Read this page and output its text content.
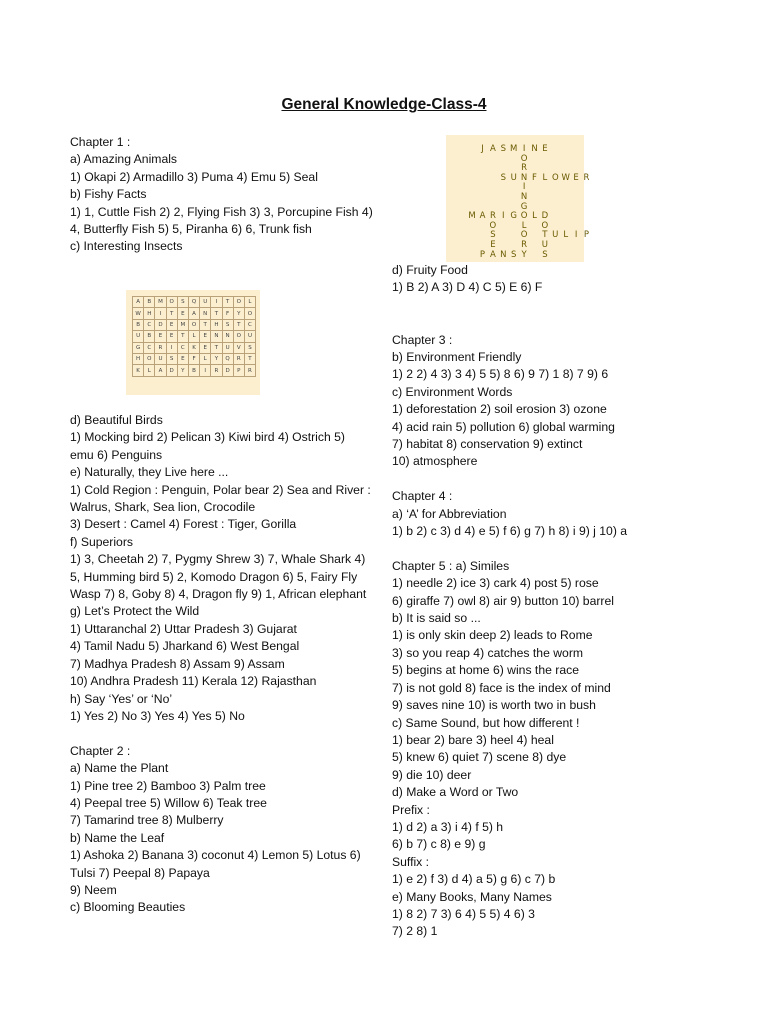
General Knowledge-Class-4
Chapter 1 :
a) Amazing Animals
1) Okapi 2) Armadillo 3) Puma 4) Emu 5) Seal
b) Fishy Facts
1) 1, Cuttle Fish 2) 2, Flying Fish 3) 3, Porcupine Fish 4)
4, Butterfly Fish 5) 5, Piranha 6) 6, Trunk fish
c) Interesting Insects
A	B	M	O	S	Q	U	I	T	O	L
W	H	I	T	E	A	N	T	F	Y	O
B	C	D	E	M	O	T	H	S	T	C
U	B	E	E	T	L	E	N	N	O	U
G	C	R	I	C	K	E	T	U	V	S
H	O	U	S	E	F	L	Y	Q	R	T
K	L	A	D	Y	B	I	R	D	P	R
d) Beautiful Birds
1) Mocking bird 2) Pelican 3) Kiwi bird 4) Ostrich 5)
emu 6) Penguins
e) Naturally, they Live here ...
1) Cold Region : Penguin, Polar bear 2) Sea and River :
Walrus, Shark, Sea lion, Crocodile
3) Desert : Camel 4) Forest : Tiger, Gorilla
f) Superiors
1) 3, Cheetah 2) 7, Pygmy Shrew 3) 7, Whale Shark 4)
5, Humming bird 5) 2, Komodo Dragon 6) 5, Fairy Fly
Wasp 7) 8, Goby 8) 4, Dragon fly 9) 1, African elephant
g) Let’s Protect the Wild
1) Uttaranchal 2) Uttar Pradesh 3) Gujarat
4) Tamil Nadu 5) Jharkand 6) West Bengal
7) Madhya Pradesh 8) Assam 9) Assam
10) Andhra Pradesh 11) Kerala 12) Rajasthan
h) Say ‘Yes’ or ‘No’
1) Yes 2) No 3) Yes 4) Yes 5) No
Chapter 2 :
a) Name the Plant
1) Pine tree 2) Bamboo 3) Palm tree
4) Peepal tree 5) Willow 6) Teak tree
7) Tamarind tree 8) Mulberry
b) Name the Leaf
1) Ashoka 2) Banana 3) coconut 4) Lemon 5) Lotus 6)
Tulsi 7) Peepal 8) Papaya
9) Neem
c) Blooming Beauties
J A S M I N E
O
R
S U N F L O W E R
I
N
G
M A R I G O L D
O	L O
S	O T U L I P
E	R U
P A N S Y S
d) Fruity Food
1) B 2) A 3) D 4) C 5) E 6) F
Chapter 3 :
b) Environment Friendly
1) 2 2) 4 3) 3 4) 5 5) 8 6) 9 7) 1 8) 7 9) 6
c) Environment Words
1) deforestation 2) soil erosion 3) ozone
4) acid rain 5) pollution 6) global warming
7) habitat 8) conservation 9) extinct
10) atmosphere
Chapter 4 :
a) ‘A’ for Abbreviation
1) b 2) c 3) d 4) e 5) f 6) g 7) h 8) i 9) j 10) a
Chapter 5 : a) Similes
1) needle 2) ice 3) cark 4) post 5) rose
6) giraffe 7) owl 8) air 9) button 10) barrel
b) It is said so ...
1) is only skin deep 2) leads to Rome
3) so you reap 4) catches the worm
5) begins at home 6) wins the race
7) is not gold 8) face is the index of mind
9) saves nine 10) is worth two in bush
c) Same Sound, but how different !
1) bear 2) bare 3) heel 4) heal
5) knew 6) quiet 7) scene 8) dye
9) die 10) deer
d) Make a Word or Two
Prefix :
1) d 2) a 3) i 4) f 5) h
6) b 7) c 8) e 9) g
Suffix :
1) e 2) f 3) d 4) a 5) g 6) c 7) b
e) Many Books, Many Names
1) 8 2) 7 3) 6 4) 5 5) 4 6) 3
7) 2 8) 1
